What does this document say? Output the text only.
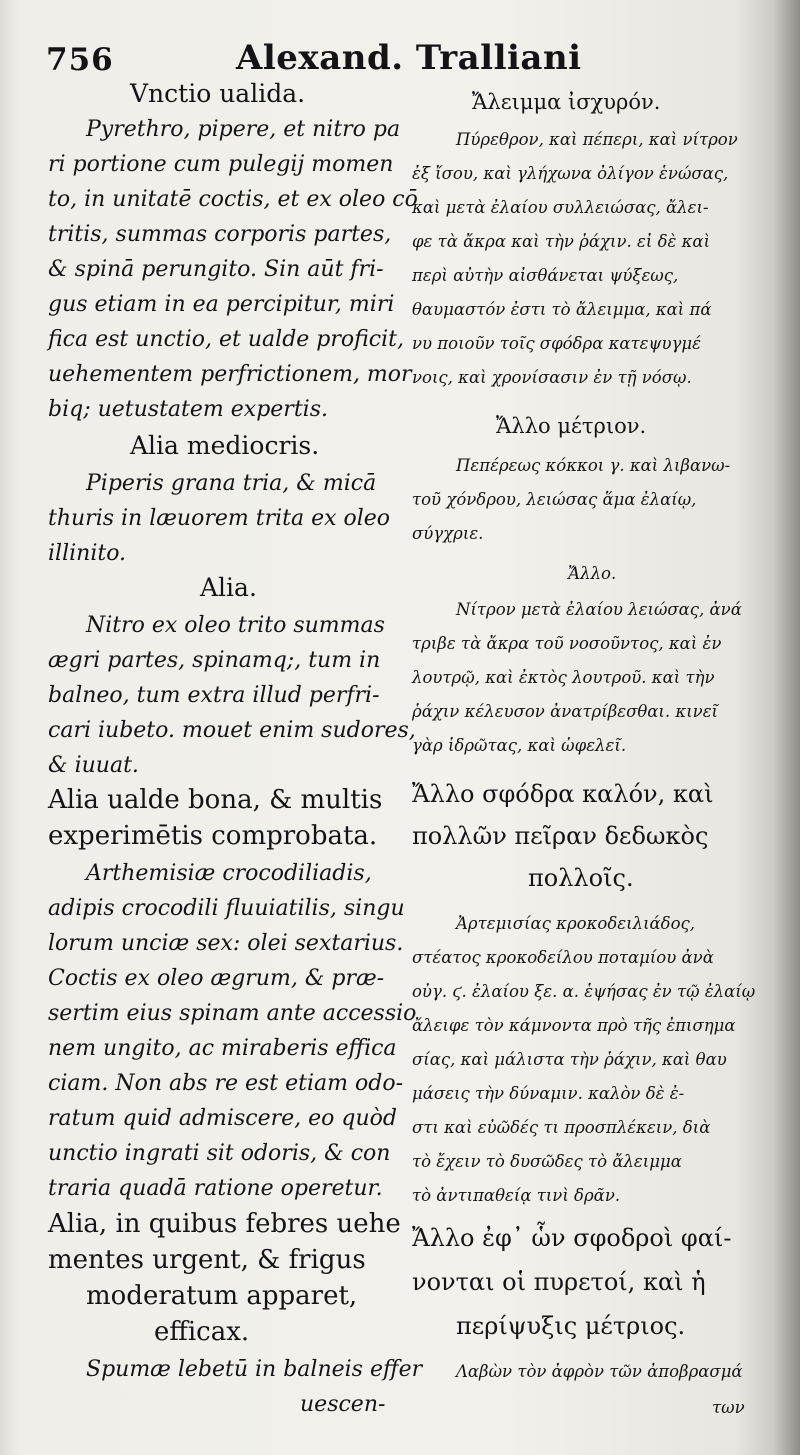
756	Alexand. Tralliani
Vnctio ualida.
Pyrethro, pipere, et nitro pa
ri portione cum pulegij momen
to, in unitatē coctis, et ex oleo cō
tritis, summas corporis partes,
& spinā perungito. Sin aūt fri-
gus etiam in ea percipitur, miri
fica est unctio, et ualde proficit,
uehementem perfrictionem, mor
biq; uetustatem expertis.
Alia mediocris.
Piperis grana tria, & micā
thuris in læuorem trita ex oleo
illinito.
Alia.
Nitro ex oleo trito summas
ægri partes, spinamq;, tum in
balneo, tum extra illud perfri-
cari iubeto. mouet enim sudores,
& iuuat.
Alia ualde bona, & multis
experimētis comprobata.
Arthemisiæ crocodiliadis,
adipis crocodili fluuiatilis, singu
lorum unciæ sex: olei sextarius.
Coctis ex oleo ægrum, & præ-
sertim eius spinam ante accessio
nem ungito, ac miraberis effica
ciam. Non abs re est etiam odo-
ratum quid admiscere, eo quòd
unctio ingrati sit odoris, & con
traria quadā ratione operetur.
Alia, in quibus febres uehe
mentes urgent, & frigus
moderatum apparet,
efficax.
Spumæ lebetū in balneis effer
uescen-
Ἄλειμμα ἰσχυρόν.
Πύρεθρον, καὶ πέπερι, καὶ νίτρον
ἐξ ἴσου, καὶ γλήχωνα ὀλίγον ἑνώσας,
καὶ μετὰ ἐλαίου συλλειώσας, ἄλει-
φε τὰ ἄκρα καὶ τὴν ῥάχιν. εἰ δὲ καὶ
περὶ αὐτὴν αἰσθάνεται ψύξεως,
θαυμαστόν ἐστι τὸ ἄλειμμα, καὶ πά
νυ ποιοῦν τοῖς σφόδρα κατεψυγμέ
νοις, καὶ χρονίσασιν ἐν τῇ νόσῳ.
Ἄλλο μέτριον.
Πεπέρεως κόκκοι γ. καὶ λιβανω-
τοῦ χόνδρου, λειώσας ἅμα ἐλαίῳ,
σύγχριε.
Ἄλλο.
Νίτρον μετὰ ἐλαίου λειώσας, ἀνά
τριβε τὰ ἄκρα τοῦ νοσοῦντος, καὶ ἐν
λουτρῷ, καὶ ἐκτὸς λουτροῦ. καὶ τὴν
ῥάχιν κέλευσον ἀνατρίβεσθαι. κινεῖ
γὰρ ἱδρῶτας, καὶ ὠφελεῖ.
Ἄλλο σφόδρα καλόν, καὶ
πολλῶν πεῖραν δεδωκὸς
πολλοῖς.
Ἀρτεμισίας κροκοδειλιάδος,
στέατος κροκοδείλου ποταμίου ἀνὰ
οὐγ. ϛ. ἐλαίου ξε. α. ἑψήσας ἐν τῷ ἐλαίῳ
ἄλειφε τὸν κάμνοντα πρὸ τῆς ἐπισημα
σίας, καὶ μάλιστα τὴν ῥάχιν, καὶ θαυ
μάσεις τὴν δύναμιν. καλὸν δὲ ἐ-
στι καὶ εὐῶδές τι προσπλέκειν, διὰ
τὸ ἔχειν τὸ δυσῶδες τὸ ἄλειμμα
τὸ ἀντιπαθείᾳ τινὶ δρᾶν.
Ἄλλο ἐφ᾽ ὧν σφοδροὶ φαί-
νονται οἱ πυρετοί, καὶ ἡ
περίψυξις μέτριος.
Λαβὼν τὸν ἀφρὸν τῶν ἀποβρασμά
των
